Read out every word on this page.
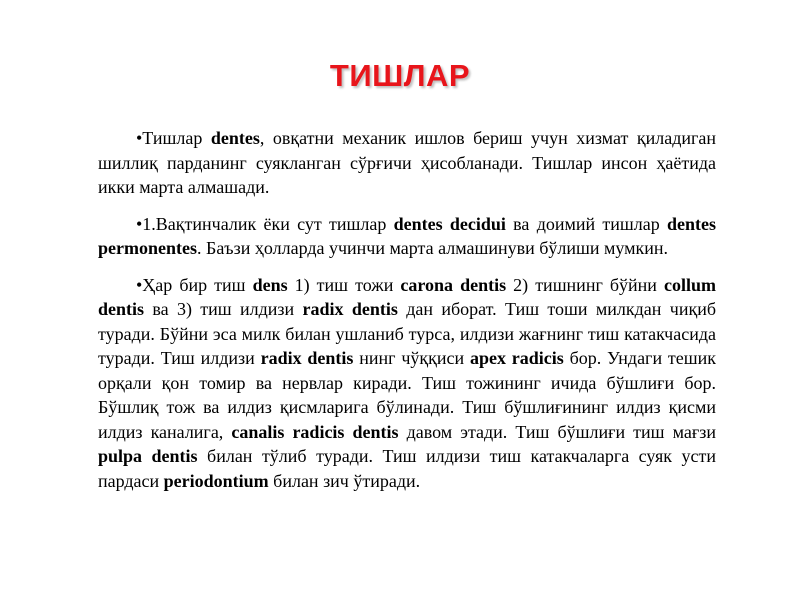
ТИШЛАР

•Тишлар dentes, овқатни механик ишлов бериш учун хизмат қиладиган шиллиқ парданинг суякланган сўрғичи ҳисобланади. Тишлар инсон ҳаётида икки марта алмашади.

•1.Вақтинчалик ёки сут тишлар dentes decidui ва доимий тишлар dentes permonentes. Баъзи ҳолларда учинчи марта алмашинуви бўлиши мумкин.

•Ҳар бир тиш dens 1) тиш тожи carona dentis 2) тишнинг бўйни collum dentis ва 3) тиш илдизи radix dentis дан иборат. Тиш тоши милкдан чиқиб туради. Бўйни эса милк билан ушланиб турса, илдизи жағнинг тиш катакчасида туради. Тиш илдизи radix dentis нинг чўққиси apex radicis бор. Ундаги тешик орқали қон томир ва нервлар киради. Тиш тожининг ичида бўшлиғи бор. Бўшлиқ тож ва илдиз қисмларига бўлинади. Тиш бўшлиғининг илдиз қисми илдиз каналига, canalis radicis dentis давом этади. Тиш бўшлиғи тиш мағзи pulpa dentis билан тўлиб туради. Тиш илдизи тиш катакчаларга суяк усти пардаси periodontium билан зич ўтиради.
